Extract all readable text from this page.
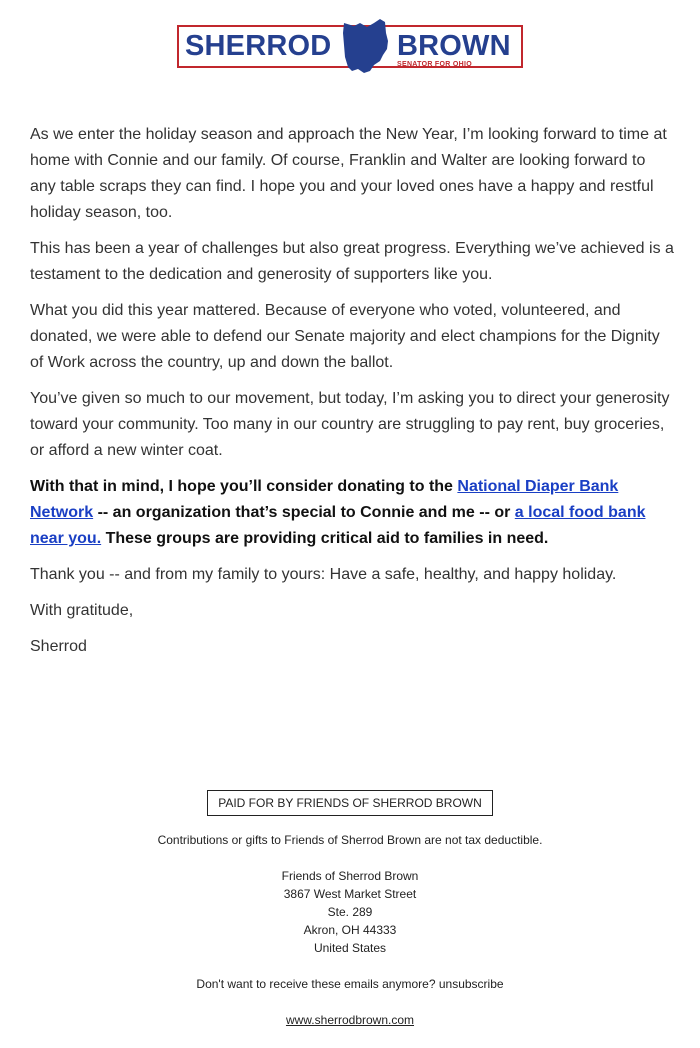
SHERROD BROWN
SENATOR FOR OHIO

As we enter the holiday season and approach the New Year, I’m looking forward to time at home with Connie and our family. Of course, Franklin and Walter are looking forward to any table scraps they can find. I hope you and your loved ones have a happy and restful holiday season, too.

This has been a year of challenges but also great progress. Everything we’ve achieved is a testament to the dedication and generosity of supporters like you.

What you did this year mattered. Because of everyone who voted, volunteered, and donated, we were able to defend our Senate majority and elect champions for the Dignity of Work across the country, up and down the ballot.

You’ve given so much to our movement, but today, I’m asking you to direct your generosity toward your community. Too many in our country are struggling to pay rent, buy groceries, or afford a new winter coat.

With that in mind, I hope you’ll consider donating to the National Diaper Bank Network -- an organization that’s special to Connie and me -- or a local food bank near you. These groups are providing critical aid to families in need.

Thank you -- and from my family to yours: Have a safe, healthy, and happy holiday.

With gratitude,

Sherrod

PAID FOR BY FRIENDS OF SHERROD BROWN
Contributions or gifts to Friends of Sherrod Brown are not tax deductible.
Friends of Sherrod Brown
3867 West Market Street
Ste. 289
Akron, OH 44333
United States
Don't want to receive these emails anymore? unsubscribe
www.sherrodbrown.com
